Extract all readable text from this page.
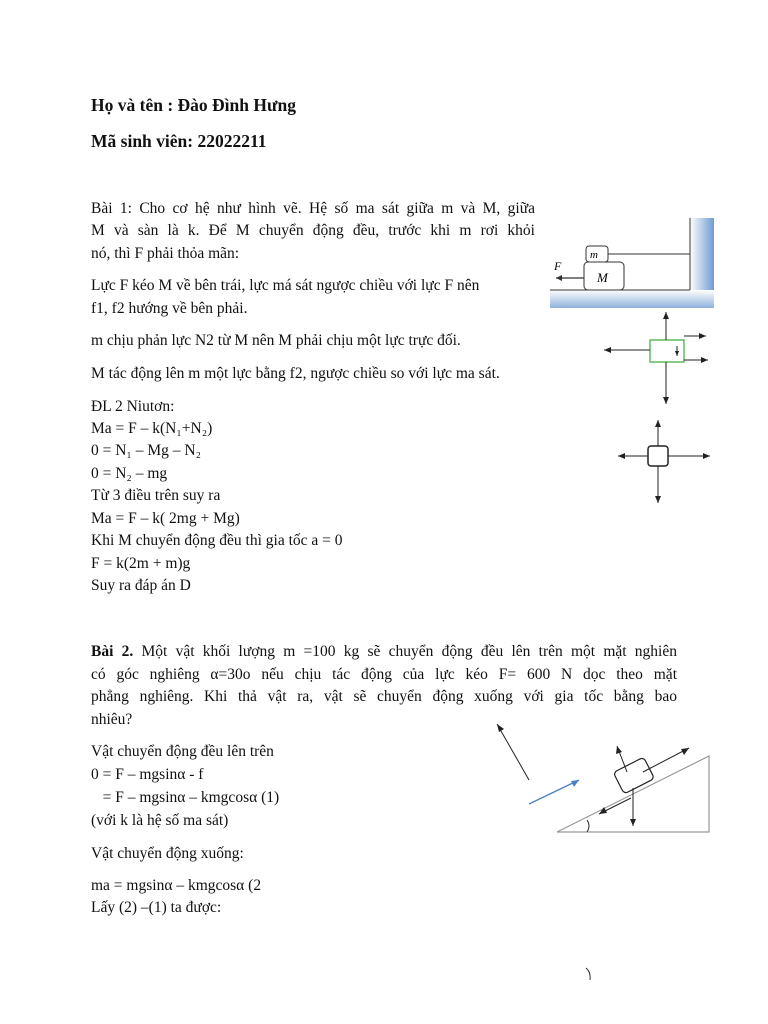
Họ và tên : Đào Đình Hưng
Mã sinh viên: 22022211
Bài 1: Cho cơ hệ như hình vẽ. Hệ số ma sát giữa m và M, giữa
M và sàn là k. Để M chuyển động đều, trước khi m rơi khỏi
nó, thì F phải thỏa mãn:
Lực F kéo M về bên trái, lực má sát ngược chiều với lực F nên
f1, f2 hướng về bên phải.
m chịu phản lực N2 từ M nên M phải chịu một lực trực đối.
M tác động lên m một lực bằng f2, ngược chiều so với lực ma sát.
ĐL 2 Niutơn:
Ma = F – k(N₁+N₂)
0 = N₁ – Mg – N₂
0 = N₂ – mg
Từ 3 điều trên suy ra
Ma = F – k( 2mg + Mg)
Khi M chuyển động đều thì gia tốc a = 0
F = k(2m + m)g
Suy ra đáp án D
F
m
M
Bài 2. Một vật khối lượng m =100 kg sẽ chuyển động đều lên trên một mặt nghiên
có góc nghiêng α=30o nếu chịu tác động của lực kéo F= 600 N dọc theo mặt
phẳng nghiêng. Khi thả vật ra, vật sẽ chuyển động xuống với gia tốc bằng bao
nhiêu?
Vật chuyển động đều lên trên
0 = F – mgsinα - f
= F – mgsinα – kmgcosα (1)
(với k là hệ số ma sát)
Vật chuyển động xuống:
ma = mgsinα – kmgcosα (2
Lấy (2) –(1) ta được:
